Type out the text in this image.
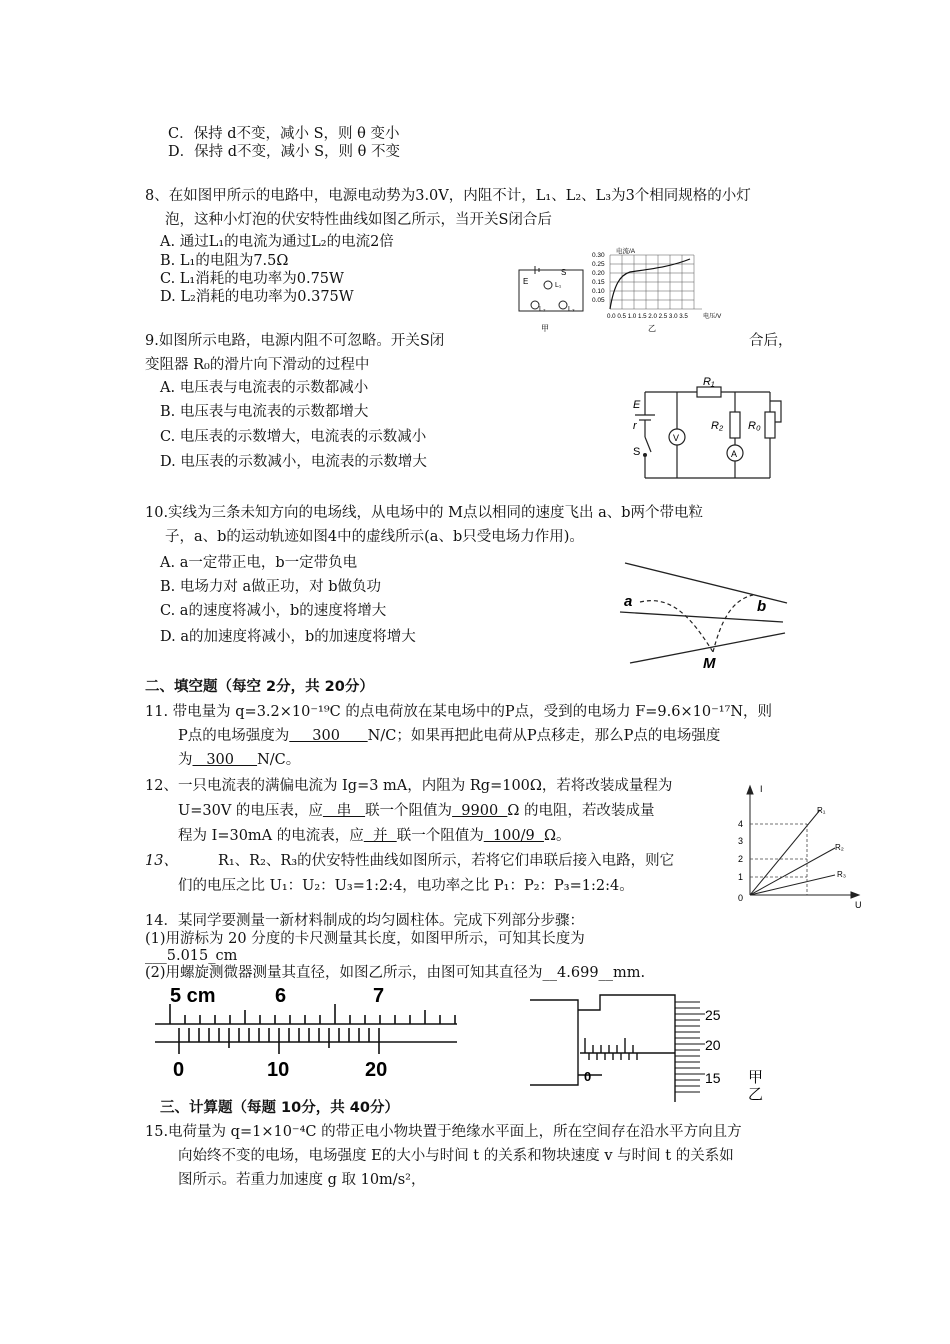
C．保持 d不变，减小 S，则 θ 变小
D．保持 d不变，减小 S，则 θ 不变
8、在如图甲所示的电路中，电源电动势为3.0V，内阻不计，L₁、L₂、L₃为3个相同规格的小灯
泡，这种小灯泡的伏安特性曲线如图乙所示，当开关S闭合后
A. 通过L₁的电流为通过L₂的电流2倍
B. L₁的电阻为7.5Ω
C. L₁消耗的电功率为0.75W
D. L₂消耗的电功率为0.375W
E
S
L₁
L₂	L₃
甲
电流/A
0.30
0.25
0.20
0.15
0.10
0.05
0.0 0.5 1.0 1.5 2.0 2.5 3.0 3.5 电压/V
乙
9.如图所示电路，电源内阻不可忽略。开关S闭	合后，
变阻器 R₀的滑片向下滑动的过程中
A. 电压表与电流表的示数都减小
B. 电压表与电流表的示数都增大
C. 电压表的示数增大，电流表的示数减小
D. 电压表的示数减小，电流表的示数增大
R₁
E
r
S
V
A
R₂ R₀
10.实线为三条未知方向的电场线，从电场中的 M点以相同的速度飞出 a、b两个带电粒
子，a、b的运动轨迹如图4中的虚线所示(a、b只受电场力作用)。
A. a一定带正电，b一定带负电
B. 电场力对 a做正功，对 b做负功
C. a的速度将减小，b的速度将增大
D. a的加速度将减小，b的加速度将增大
a	b
M
二、填空题（每空 2分，共 20分）
11. 带电量为 q=3.2×10⁻¹⁹C 的点电荷放在某电场中的P点，受到的电场力 F=9.6×10⁻¹⁷N，则
P点的电场强度为     300      N/C；如果再把此电荷从P点移走，那么P点的电场强度
为   300     N/C。
12、一只电流表的满偏电流为 Ig=3 mA，内阻为 Rg=100Ω，若将改装成量程为
U=30V 的电压表，应   串   联一个阻值为  9900  Ω 的电阻，若改装成量
程为 I=30mA 的电流表，应  并  联一个阻值为  100/9  Ω。
13、	R₁、R₂、R₃的伏安特性曲线如图所示，若将它们串联后接入电路，则它
们的电压之比 U₁：U₂：U₃=1:2:4，电功率之比 P₁：P₂：P₃=1:2:4。
I
U
0
4
3
2
1
R₁
R₂
R₃
14．某同学要测量一新材料制成的均匀圆柱体。完成下列部分步骤：
(1)用游标为 20 分度的卡尺测量其长度，如图甲所示，可知其长度为
___5.015_cm
(2)用螺旋测微器测量其直径，如图乙所示，由图可知其直径为__4.699__mm.
5 cm	6	7
0	10	20
25
20
15
0	甲
乙
三、计算题（每题 10分，共 40分）
15.电荷量为 q=1×10⁻⁴C 的带正电小物块置于绝缘水平面上，所在空间存在沿水平方向且方
向始终不变的电场，电场强度 E的大小与时间 t 的关系和物块速度 v 与时间 t 的关系如
图所示。若重力加速度 g 取 10m/s²，
